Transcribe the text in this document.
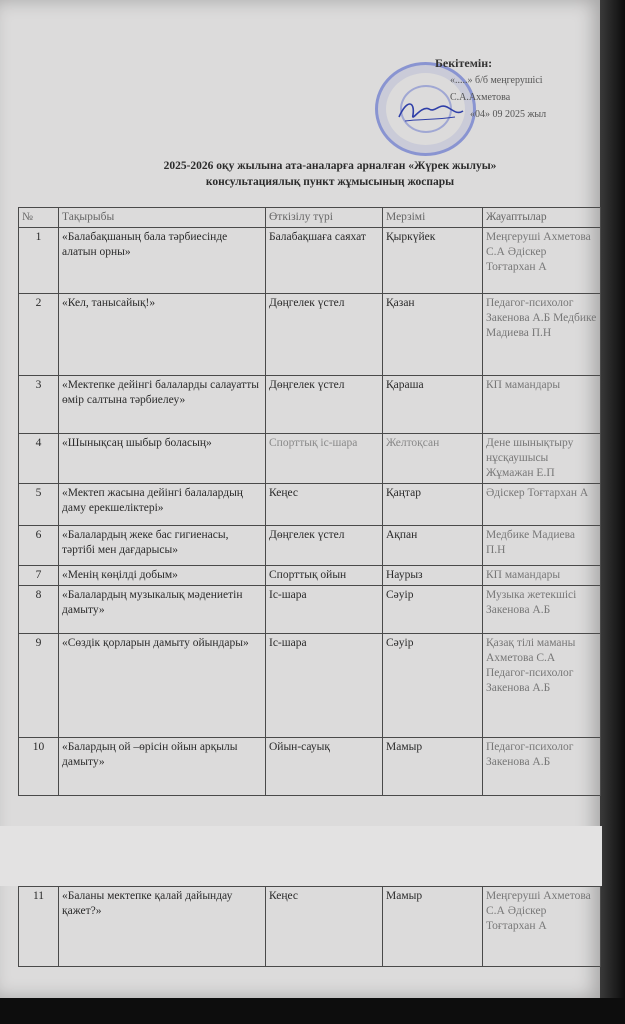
Бекітемін:
«.....» б/б меңгерушісі
С.А.Ахметова
«04» 09 2025 жыл
2025-2026 оқу жылына ата-аналарға арналған «Жүрек жылуы»
консультациялық пункт жұмысының жоспары
№	Тақырыбы	Өткізілу түрі	Мерзімі	Жауаптылар
1	«Балабақшаның бала тәрбиесінде алатын орны»	Балабақшаға саяхат	Қыркүйек	Меңгерушi Ахметова С.А Әдіскер Тоғтархан А
2	«Кел, танысайық!»	Дөңгелек үстел	Қазан	Педагог-психолог Закенова А.Б Медбике Мадиева П.Н
3	«Мектепке дейінгі балаларды салауатты өмір салтына тәрбиелеу»	Дөңгелек үстел	Қараша	КП мамандары
4	«Шынықсаң шыбыр боласың»	Спорттық іс-шара	Желтоқсан	Дене шынықтыру нұсқаушысы Жұмажан Е.П
5	«Мектеп жасына дейінгі балалардың даму ерекшеліктері»	Кеңес	Қаңтар	Әдіскер Тоғтархан А
6	«Балалардың жеке бас гигиенасы, тәртібі мен дағдарысы»	Дөңгелек үстел	Ақпан	Медбике Мадиева П.Н
7	«Менің көңілді добым»	Спорттық ойын	Наурыз	КП мамандары
8	«Балалардың музыкалық мәдениетін дамыту»	Іс-шара	Сәуір	Музыка жетекшісі Закенова А.Б
9	«Сөздік қорларын дамыту ойындары»	Іс-шара	Сәуір	Қазақ тілі маманы Ахметова С.А Педагог-психолог Закенова А.Б
10	«Балардың ой –өрісін ойын арқылы дамыту»	Ойын-сауық	Мамыр	Педагог-психолог Закенова А.Б
11	«Баланы мектепке қалай дайындау қажет?»	Кеңес	Мамыр	Меңгерушi Ахметова С.А Әдіскер Тоғтархан А
